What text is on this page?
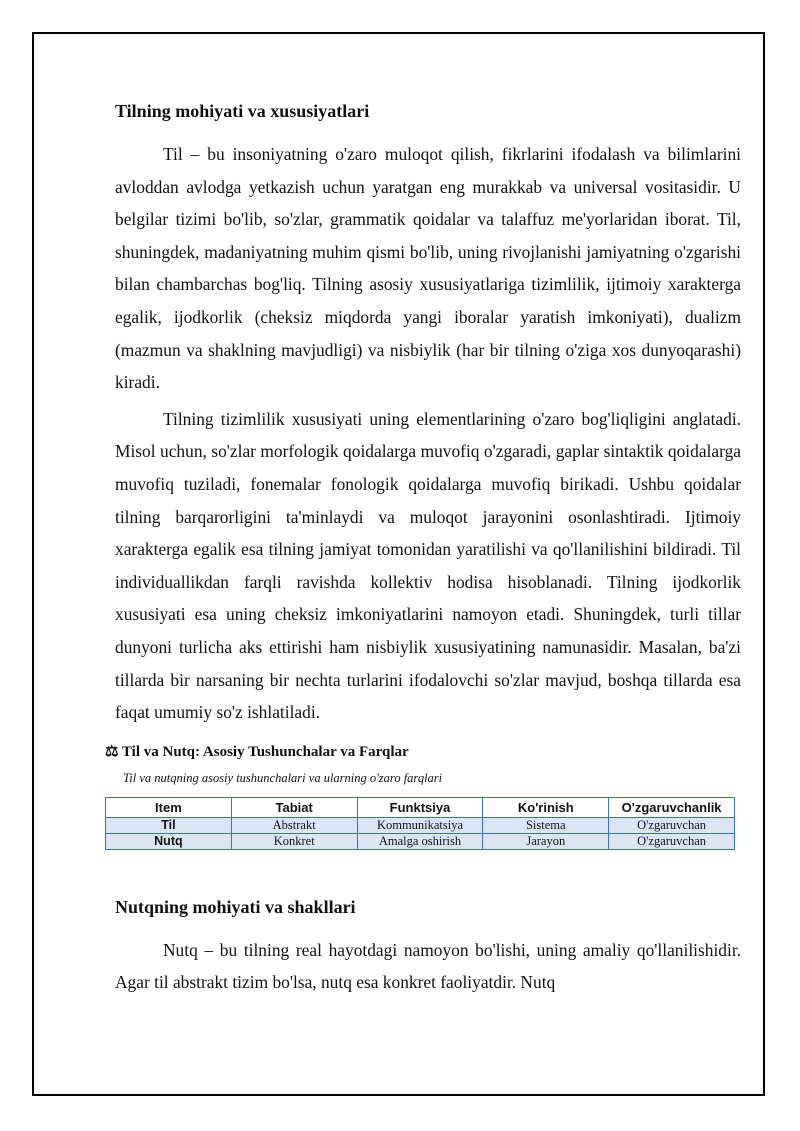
Tilning mohiyati va xususiyatlari

Til – bu insoniyatning o'zaro muloqot qilish, fikrlarini ifodalash va bilimlarini avloddan avlodga yetkazish uchun yaratgan eng murakkab va universal vositasidir. U belgilar tizimi bo'lib, so'zlar, grammatik qoidalar va talaffuz me'yorlaridan iborat. Til, shuningdek, madaniyatning muhim qismi bo'lib, uning rivojlanishi jamiyatning o'zgarishi bilan chambarchas bog'liq. Tilning asosiy xususiyatlariga tizimlilik, ijtimoiy xarakterga egalik, ijodkorlik (cheksiz miqdorda yangi iboralar yaratish imkoniyati), dualizm (mazmun va shaklning mavjudligi) va nisbiylik (har bir tilning o'ziga xos dunyoqarashi) kiradi.

Tilning tizimlilik xususiyati uning elementlarining o'zaro bog'liqligini anglatadi. Misol uchun, so'zlar morfologik qoidalarga muvofiq o'zgaradi, gaplar sintaktik qoidalarga muvofiq tuziladi, fonemalar fonologik qoidalarga muvofiq birikadi. Ushbu qoidalar tilning barqarorligini ta'minlaydi va muloqot jarayonini osonlashtiradi. Ijtimoiy xarakterga egalik esa tilning jamiyat tomonidan yaratilishi va qo'llanilishini bildiradi. Til individuallikdan farqli ravishda kollektiv hodisa hisoblanadi. Tilning ijodkorlik xususiyati esa uning cheksiz imkoniyatlarini namoyon etadi. Shuningdek, turli tillar dunyoni turlicha aks ettirishi ham nisbiylik xususiyatining namunasidir. Masalan, ba'zi tillarda bir narsaning bir nechta turlarini ifodalovchi so'zlar mavjud, boshqa tillarda esa faqat umumiy so'z ishlatiladi.

⚖ Til va Nutq: Asosiy Tushunchalar va Farqlar
Til va nutqning asosiy tushunchalari va ularning o'zaro farqlari
Item	Tabiat	Funktsiya	Ko'rinish	O'zgaruvchanlik
Til	Abstrakt	Kommunikatsiya	Sistema	O'zgaruvchan
Nutq	Konkret	Amalga oshirish	Jarayon	O'zgaruvchan
Nutqning mohiyati va shakllari

Nutq – bu tilning real hayotdagi namoyon bo'lishi, uning amaliy qo'llanilishidir. Agar til abstrakt tizim bo'lsa, nutq esa konkret faoliyatdir. Nutq
